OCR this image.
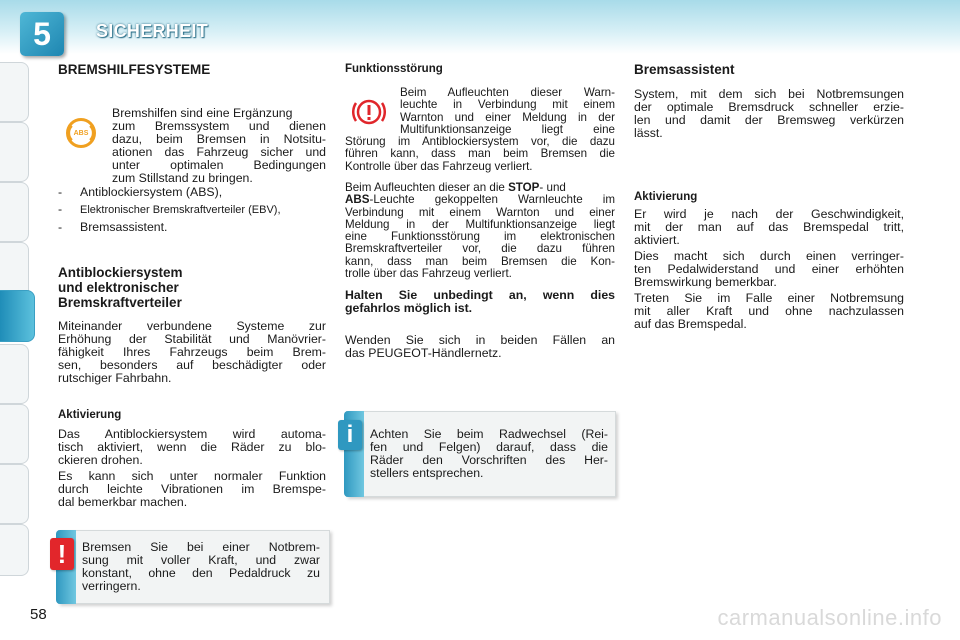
5	SICHERHEIT
BREMSHILFESYSTEME
ABS
Bremshilfen sind eine Ergänzung
zum Bremssystem und dienen
dazu, beim Bremsen in Notsitu-
ationen das Fahrzeug sicher und
unter optimalen Bedingungen
zum Stillstand zu bringen.
- Antiblockiersystem (ABS),
- Elektronischer Bremskraftverteiler (EBV),
- Bremsassistent.
Antiblockiersystem
und elektronischer
Bremskraftverteiler
Miteinander verbundene Systeme zur
Erhöhung der Stabilität und Manövrier-
fähigkeit Ihres Fahrzeugs beim Brem-
sen, besonders auf beschädigter oder
rutschiger Fahrbahn.
Aktivierung
Das Antiblockiersystem wird automa-
tisch aktiviert, wenn die Räder zu blo-
ckieren drohen.
Es kann sich unter normaler Funktion
durch leichte Vibrationen im Bremspe-
dal bemerkbar machen.
!	Bremsen Sie bei einer Notbrem-
sung mit voller Kraft, und zwar
konstant, ohne den Pedaldruck zu
verringern.
Funktionsstörung
Beim Aufleuchten dieser Warn-
leuchte in Verbindung mit einem
Warnton und einer Meldung in der
Multifunktionsanzeige liegt eine
Störung im Antiblockiersystem vor, die dazu
führen kann, dass man beim Bremsen die
Kontrolle über das Fahrzeug verliert.
Beim Aufleuchten dieser an die STOP- und
ABS-Leuchte gekoppelten Warnleuchte im
Verbindung mit einem Warnton und einer
Meldung in der Multifunktionsanzeige liegt
eine Funktionsstörung im elektronischen
Bremskraftverteiler vor, die dazu führen
kann, dass man beim Bremsen die Kon-
trolle über das Fahrzeug verliert.
Halten Sie unbedingt an, wenn dies
gefahrlos möglich ist.
Wenden Sie sich in beiden Fällen an
das PEUGEOT-Händlernetz.
i	Achten Sie beim Radwechsel (Rei-
fen und Felgen) darauf, dass die
Räder den Vorschriften des Her-
stellers entsprechen.
Bremsassistent
System, mit dem sich bei Notbremsungen
der optimale Bremsdruck schneller erzie-
len und damit der Bremsweg verkürzen
lässt.
Aktivierung
Er wird je nach der Geschwindigkeit,
mit der man auf das Bremspedal tritt,
aktiviert.
Dies macht sich durch einen verringer-
ten Pedalwiderstand und einer erhöhten
Bremswirkung bemerkbar.
Treten Sie im Falle einer Notbremsung
mit aller Kraft und ohne nachzulassen
auf das Bremspedal.
58	carmanualsonline.info
